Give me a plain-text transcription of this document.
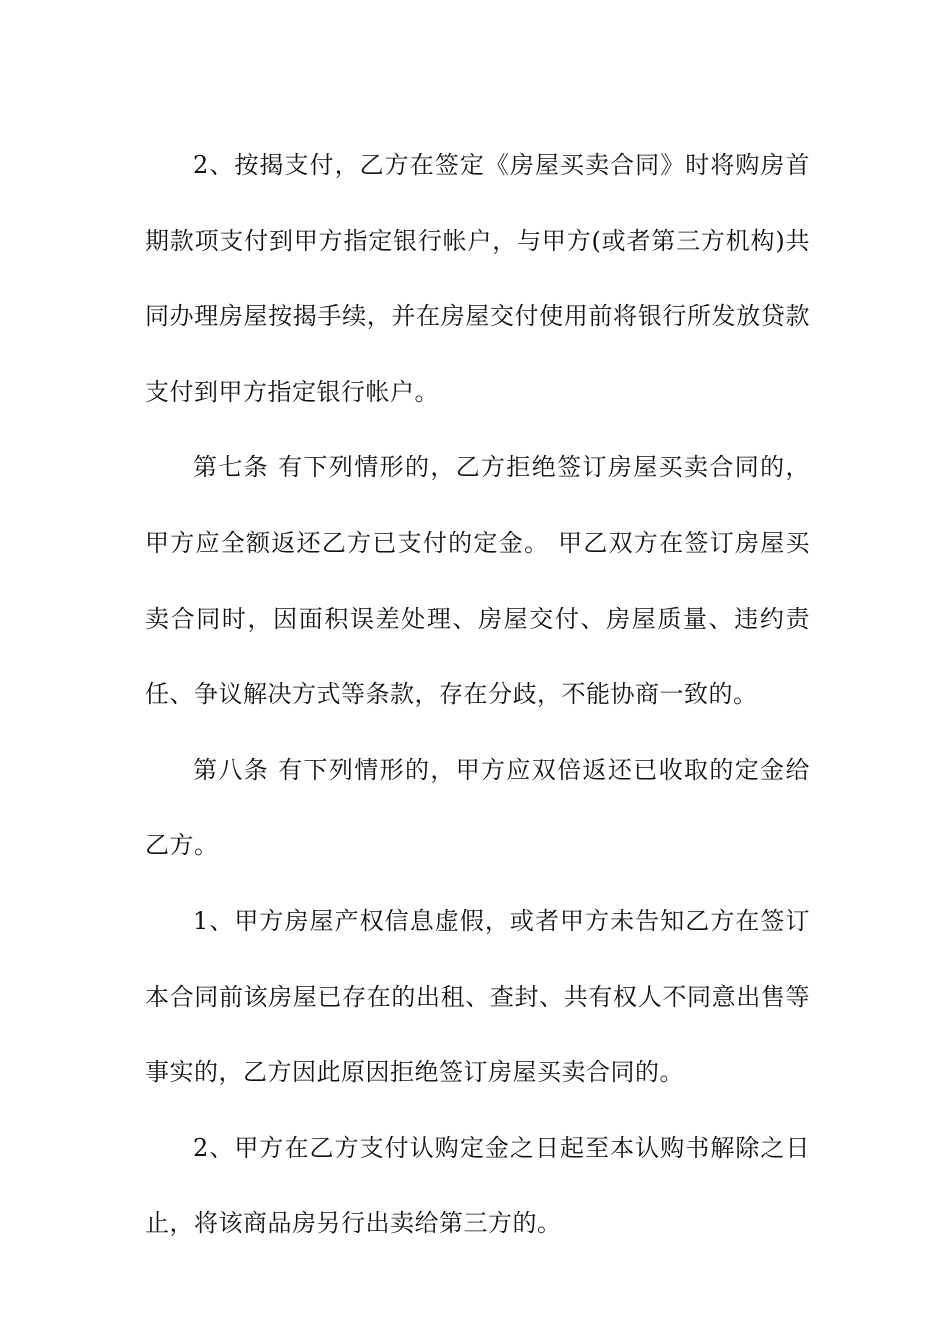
2、按揭支付，乙方在签定《房屋买卖合同》时将购房首期款项支付到甲方指定银行帐户，与甲方(或者第三方机构)共同办理房屋按揭手续，并在房屋交付使用前将银行所发放贷款支付到甲方指定银行帐户。

第七条 有下列情形的，乙方拒绝签订房屋买卖合同的，甲方应全额返还乙方已支付的定金。 甲乙双方在签订房屋买卖合同时，因面积误差处理、房屋交付、房屋质量、违约责任、争议解决方式等条款，存在分歧，不能协商一致的。

第八条 有下列情形的，甲方应双倍返还已收取的定金给乙方。

1、甲方房屋产权信息虚假，或者甲方未告知乙方在签订本合同前该房屋已存在的出租、查封、共有权人不同意出售等事实的，乙方因此原因拒绝签订房屋买卖合同的。

2、甲方在乙方支付认购定金之日起至本认购书解除之日止，将该商品房另行出卖给第三方的。
